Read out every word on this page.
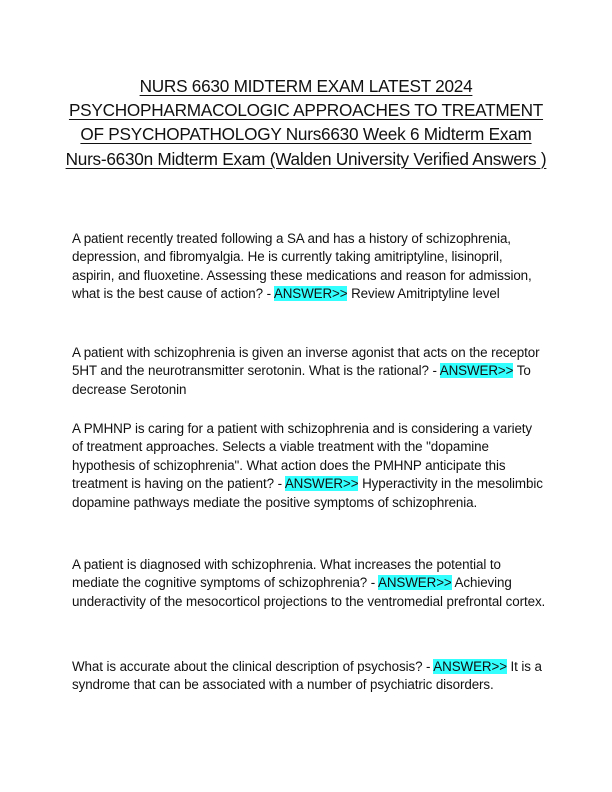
NURS 6630 MIDTERM EXAM LATEST 2024 PSYCHOPHARMACOLOGIC APPROACHES TO TREATMENT OF PSYCHOPATHOLOGY Nurs6630 Week 6 Midterm Exam Nurs-6630n Midterm Exam (Walden University Verified Answers )

A patient recently treated following a SA and has a history of schizophrenia, depression, and fibromyalgia. He is currently taking amitriptyline, lisinopril, aspirin, and fluoxetine. Assessing these medications and reason for admission, what is the best cause of action? - ANSWER>> Review Amitriptyline level

A patient with schizophrenia is given an inverse agonist that acts on the receptor 5HT and the neurotransmitter serotonin. What is the rational? - ANSWER>> To decrease Serotonin

A PMHNP is caring for a patient with schizophrenia and is considering a variety of treatment approaches. Selects a viable treatment with the "dopamine hypothesis of schizophrenia". What action does the PMHNP anticipate this treatment is having on the patient? - ANSWER>> Hyperactivity in the mesolimbic dopamine pathways mediate the positive symptoms of schizophrenia.

A patient is diagnosed with schizophrenia. What increases the potential to mediate the cognitive symptoms of schizophrenia? - ANSWER>> Achieving underactivity of the mesocorticol projections to the ventromedial prefrontal cortex.

What is accurate about the clinical description of psychosis? - ANSWER>> It is a syndrome that can be associated with a number of psychiatric disorders.
